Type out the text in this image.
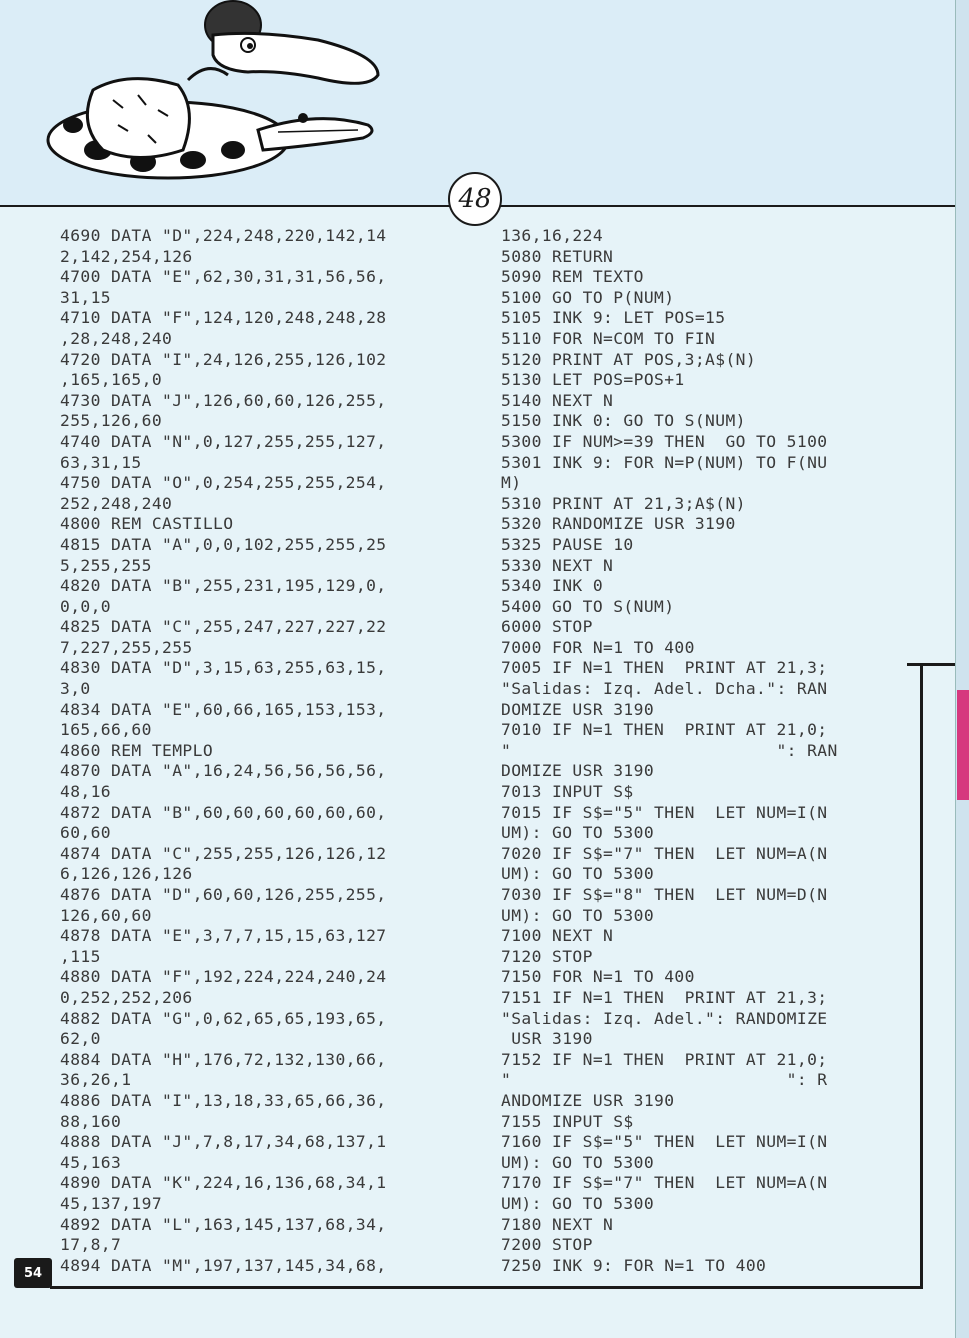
48
4690 DATA "D",224,248,220,142,14
2,142,254,126
4700 DATA "E",62,30,31,31,56,56,
31,15
4710 DATA "F",124,120,248,248,28
,28,248,240
4720 DATA "I",24,126,255,126,102
,165,165,0
4730 DATA "J",126,60,60,126,255,
255,126,60
4740 DATA "N",0,127,255,255,127,
63,31,15
4750 DATA "O",0,254,255,255,254,
252,248,240
4800 REM CASTILLO
4815 DATA "A",0,0,102,255,255,25
5,255,255
4820 DATA "B",255,231,195,129,0,
0,0,0
4825 DATA "C",255,247,227,227,22
7,227,255,255
4830 DATA "D",3,15,63,255,63,15,
3,0
4834 DATA "E",60,66,165,153,153,
165,66,60
4860 REM TEMPLO
4870 DATA "A",16,24,56,56,56,56,
48,16
4872 DATA "B",60,60,60,60,60,60,
60,60
4874 DATA "C",255,255,126,126,12
6,126,126,126
4876 DATA "D",60,60,126,255,255,
126,60,60
4878 DATA "E",3,7,7,15,15,63,127
,115
4880 DATA "F",192,224,224,240,24
0,252,252,206
4882 DATA "G",0,62,65,65,193,65,
62,0
4884 DATA "H",176,72,132,130,66,
36,26,1
4886 DATA "I",13,18,33,65,66,36,
88,160
4888 DATA "J",7,8,17,34,68,137,1
45,163
4890 DATA "K",224,16,136,68,34,1
45,137,197
4892 DATA "L",163,145,137,68,34,
17,8,7
4894 DATA "M",197,137,145,34,68,
136,16,224
5080 RETURN
5090 REM TEXTO
5100 GO TO P(NUM)
5105 INK 9: LET POS=15
5110 FOR N=COM TO FIN
5120 PRINT AT POS,3;A$(N)
5130 LET POS=POS+1
5140 NEXT N
5150 INK 0: GO TO S(NUM)
5300 IF NUM>=39 THEN  GO TO 5100
5301 INK 9: FOR N=P(NUM) TO F(NU
M)
5310 PRINT AT 21,3;A$(N)
5320 RANDOMIZE USR 3190
5325 PAUSE 10
5330 NEXT N
5340 INK 0
5400 GO TO S(NUM)
6000 STOP
7000 FOR N=1 TO 400
7005 IF N=1 THEN  PRINT AT 21,3;
"Salidas: Izq. Adel. Dcha.": RAN
DOMIZE USR 3190
7010 IF N=1 THEN  PRINT AT 21,0;
"                          ": RAN
DOMIZE USR 3190
7013 INPUT S$
7015 IF S$="5" THEN  LET NUM=I(N
UM): GO TO 5300
7020 IF S$="7" THEN  LET NUM=A(N
UM): GO TO 5300
7030 IF S$="8" THEN  LET NUM=D(N
UM): GO TO 5300
7100 NEXT N
7120 STOP
7150 FOR N=1 TO 400
7151 IF N=1 THEN  PRINT AT 21,3;
"Salidas: Izq. Adel.": RANDOMIZE
USR 3190
7152 IF N=1 THEN  PRINT AT 21,0;
"                           ": R
ANDOMIZE USR 3190
7155 INPUT S$
7160 IF S$="5" THEN  LET NUM=I(N
UM): GO TO 5300
7170 IF S$="7" THEN  LET NUM=A(N
UM): GO TO 5300
7180 NEXT N
7200 STOP
7250 INK 9: FOR N=1 TO 400
54
